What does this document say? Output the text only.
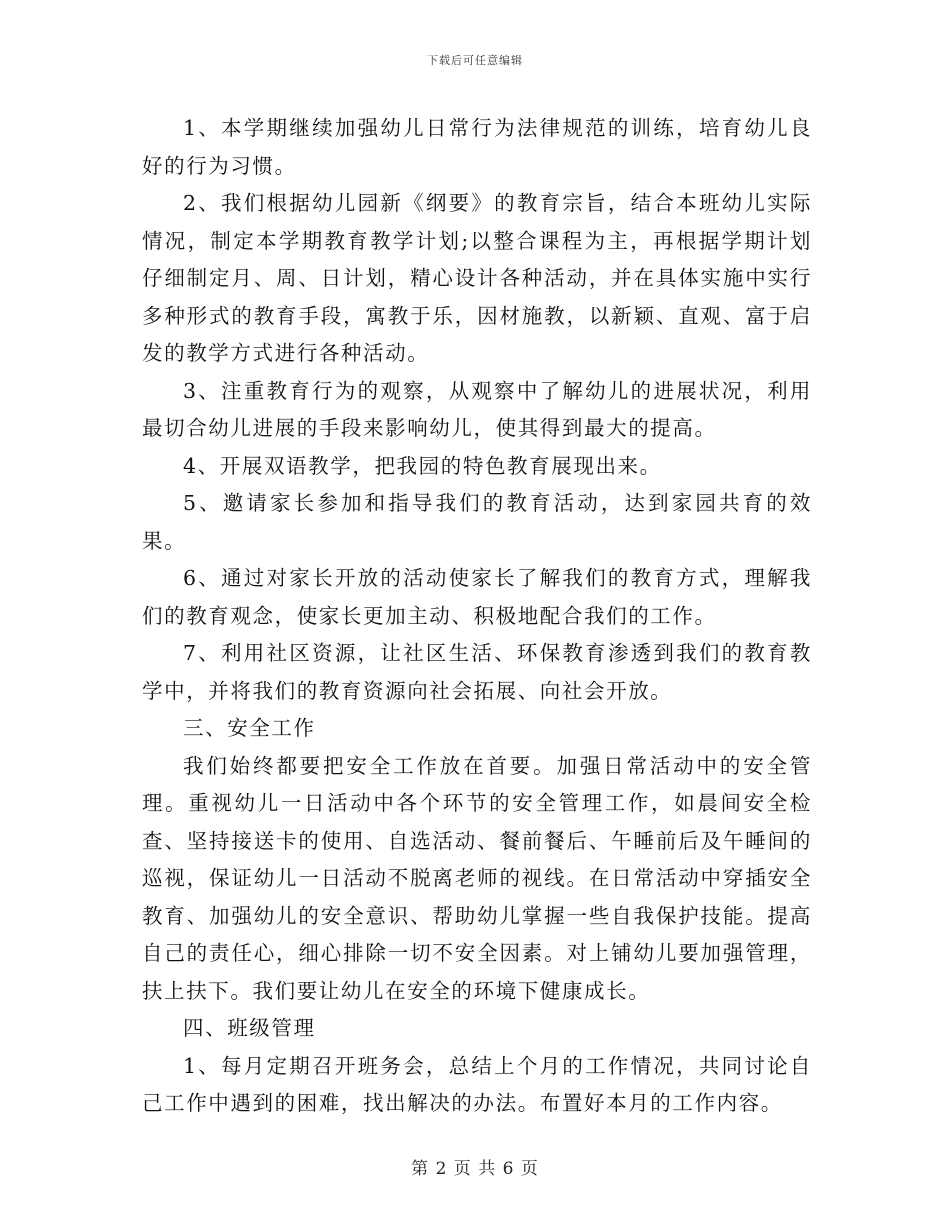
下载后可任意编辑

1、本学期继续加强幼儿日常行为法律规范的训练，培育幼儿良好的行为习惯。

2、我们根据幼儿园新《纲要》的教育宗旨，结合本班幼儿实际情况，制定本学期教育教学计划;以整合课程为主，再根据学期计划仔细制定月、周、日计划，精心设计各种活动，并在具体实施中实行多种形式的教育手段，寓教于乐，因材施教，以新颖、直观、富于启发的教学方式进行各种活动。

3、注重教育行为的观察，从观察中了解幼儿的进展状况，利用最切合幼儿进展的手段来影响幼儿，使其得到最大的提高。

4、开展双语教学，把我园的特色教育展现出来。

5、邀请家长参加和指导我们的教育活动，达到家园共育的效果。

6、通过对家长开放的活动使家长了解我们的教育方式，理解我们的教育观念，使家长更加主动、积极地配合我们的工作。

7、利用社区资源，让社区生活、环保教育渗透到我们的教育教学中，并将我们的教育资源向社会拓展、向社会开放。

三、安全工作

我们始终都要把安全工作放在首要。加强日常活动中的安全管理。重视幼儿一日活动中各个环节的安全管理工作，如晨间安全检查、坚持接送卡的使用、自选活动、餐前餐后、午睡前后及午睡间的巡视，保证幼儿一日活动不脱离老师的视线。在日常活动中穿插安全教育、加强幼儿的安全意识、帮助幼儿掌握一些自我保护技能。提高自己的责任心，细心排除一切不安全因素。对上铺幼儿要加强管理，扶上扶下。我们要让幼儿在安全的环境下健康成长。

四、班级管理

1、每月定期召开班务会，总结上个月的工作情况，共同讨论自己工作中遇到的困难，找出解决的办法。布置好本月的工作内容。

第 2 页 共 6 页
